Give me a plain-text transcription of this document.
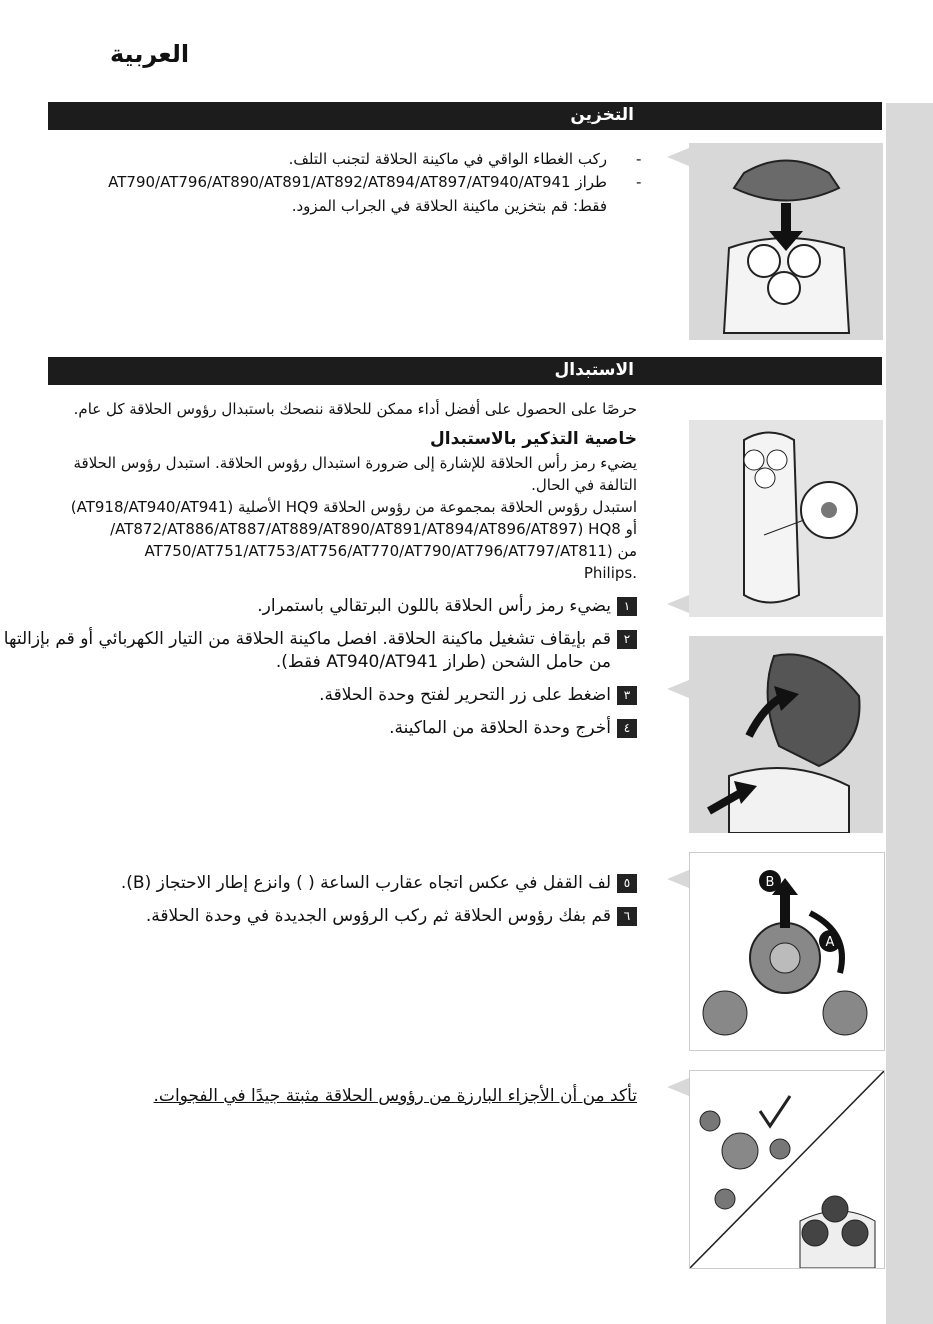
العربية
التخزين
-
ركب الغطاء الواقي في ماكينة الحلاقة لتجنب التلف.
-
طراز AT790/AT796/AT890/AT891/AT892/AT894/AT897/AT940/AT941
فقط: قم بتخزين ماكينة الحلاقة في الجراب المزود.
الاستبدال
حرصًا على الحصول على أفضل أداء ممكن للحلاقة ننصحك باستبدال رؤوس الحلاقة كل عام.
خاصية التذكير بالاستبدال
يضيء رمز رأس الحلاقة للإشارة إلى ضرورة استبدال رؤوس الحلاقة. استبدل رؤوس الحلاقة
التالفة في الحال.
استبدل رؤوس الحلاقة بمجموعة من رؤوس الحلاقة HQ9 الأصلية (AT918/AT940/AT941)
أو AT872/AT886/AT887/AT889/AT890/AT891/AT894/AT896/AT897) HQ8/
من (AT750/AT751/AT753/AT756/AT770/AT790/AT796/AT797/AT811
.Philips
١يضيء رمز رأس الحلاقة باللون البرتقالي باستمرار.
٢قم بإيقاف تشغيل ماكينة الحلاقة. افصل ماكينة الحلاقة من التيار الكهربائي أو قم بإزالتها
من حامل الشحن (طراز AT940/AT941 فقط).
٣اضغط على زر التحرير لفتح وحدة الحلاقة.
٤أخرج وحدة الحلاقة من الماكينة.
٥لف القفل في عكس اتجاه عقارب الساعة ( ) وانزع إطار الاحتجاز (B).
٦قم بفك رؤوس الحلاقة ثم ركب الرؤوس الجديدة في وحدة الحلاقة.
تأكد من أن الأجزاء البارزة من رؤوس الحلاقة مثبتة جيدًا في الفجوات.
B
A
